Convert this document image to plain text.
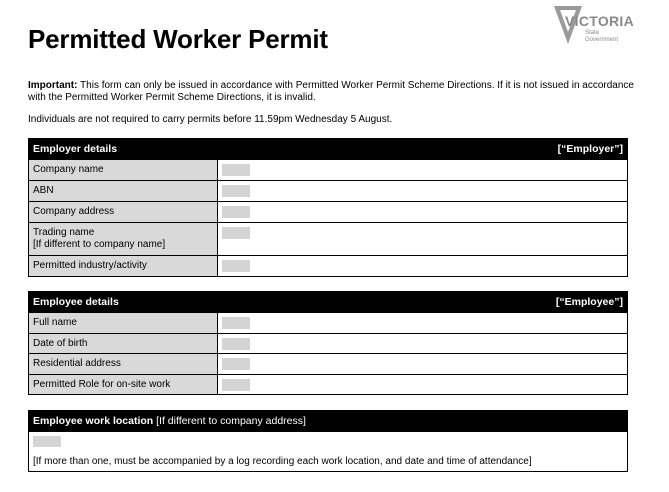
Permitted Worker Permit
VICTORIA
State
Government
Important: This form can only be issued in accordance with Permitted Worker Permit Scheme Directions. If it is not issued in accordance with the Permitted Worker Permit Scheme Directions, it is invalid.
Individuals are not required to carry permits before 11.59pm Wednesday 5 August.
Employer details	[“Employer”]
Company name
ABN
Company address
Trading name
[If different to company name]
Permitted industry/activity
Employee details	[“Employee”]
Full name
Date of birth
Residential address
Permitted Role for on-site work
Employee work location [If different to company address]
[If more than one, must be accompanied by a log recording each work location, and date and time of attendance]
